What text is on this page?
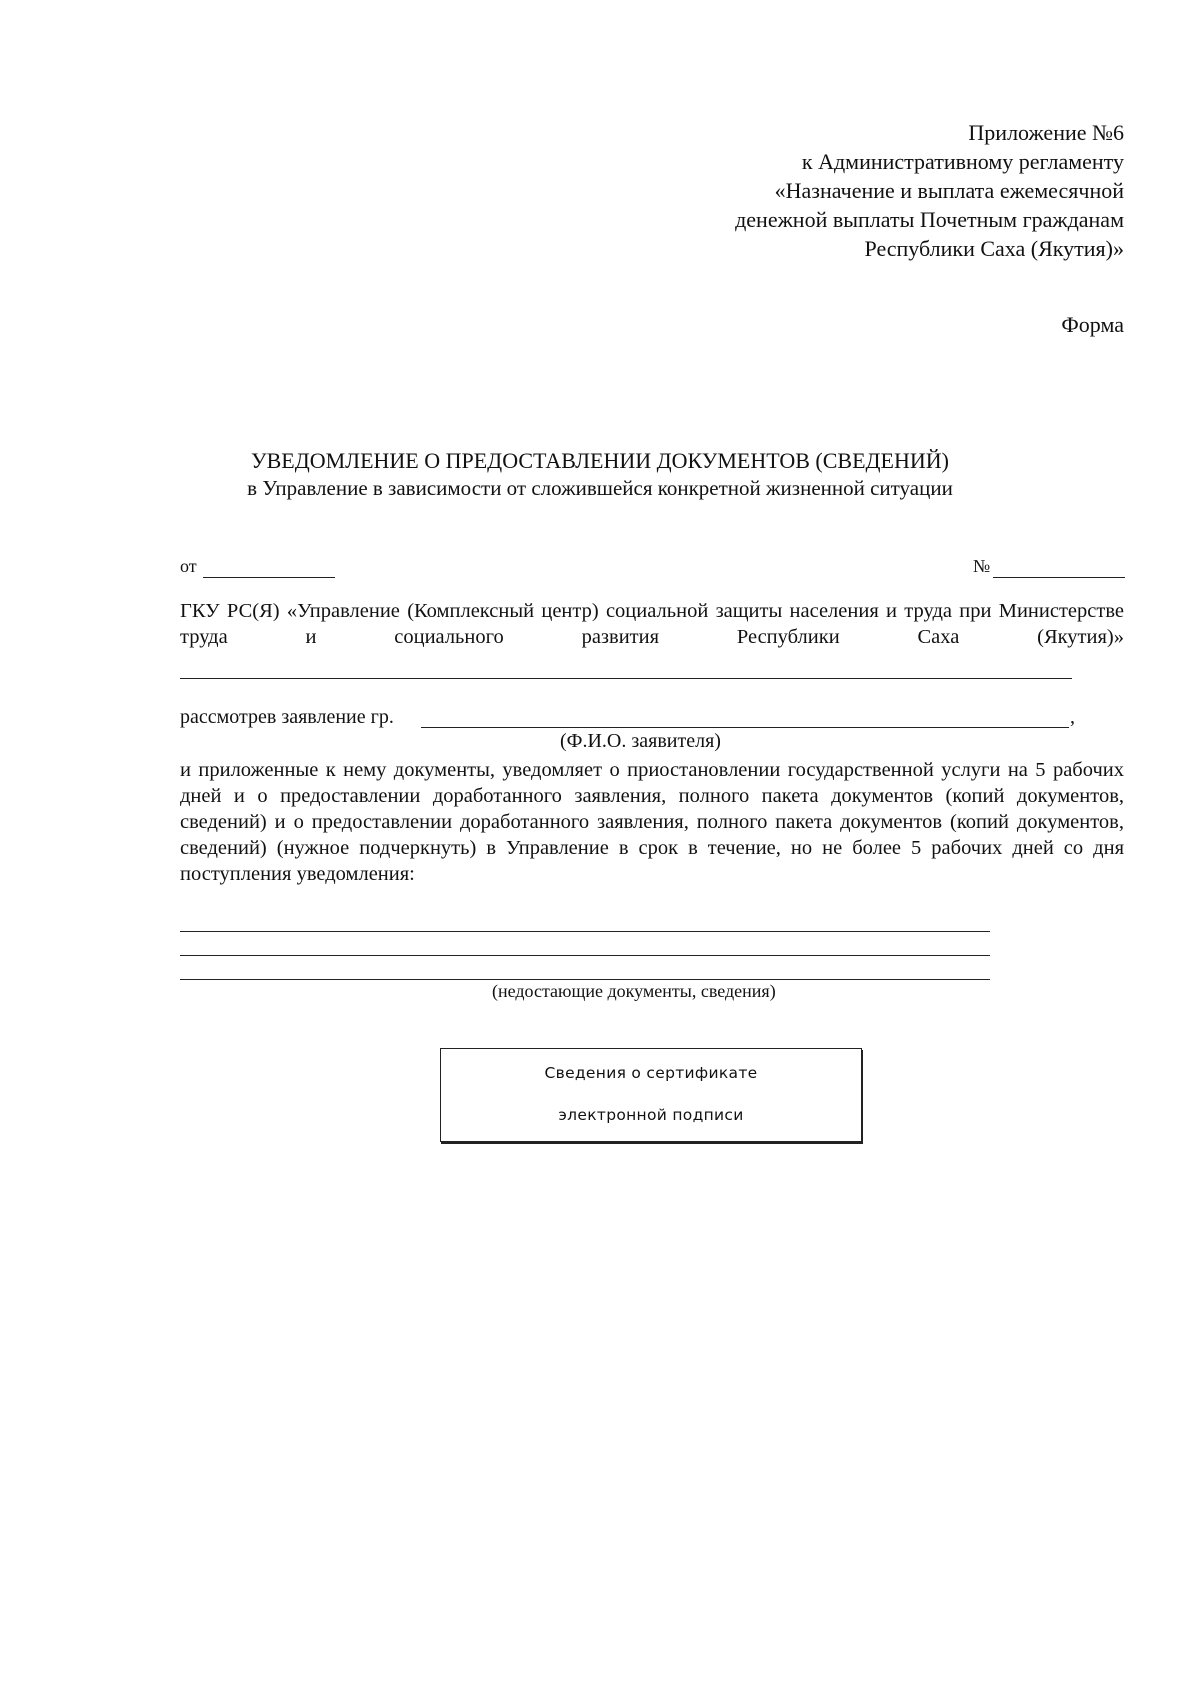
Приложение №6
к Административному регламенту
«Назначение и выплата ежемесячной
денежной выплаты Почетным гражданам
Республики Саха (Якутия)»
Форма
УВЕДОМЛЕНИЕ О ПРЕДОСТАВЛЕНИИ ДОКУМЕНТОВ (СВЕДЕНИЙ)
в Управление в зависимости от сложившейся конкретной жизненной ситуации
от	№
ГКУ РС(Я) «Управление (Комплексный центр) социальной защиты населения и труда при Министерстве труда и социального развития Республики Саха (Якутия)»
рассмотрев заявление гр.	,
(Ф.И.О. заявителя)
и приложенные к нему документы, уведомляет о приостановлении государственной услуги на 5 рабочих дней и о предоставлении доработанного заявления, полного пакета документов (копий документов, сведений) и о предоставлении доработанного заявления, полного пакета документов (копий документов, сведений) (нужное подчеркнуть) в Управление в срок в течение, но не более 5 рабочих дней со дня поступления уведомления:
(недостающие документы, сведения)
Сведения о сертификате
электронной подписи
